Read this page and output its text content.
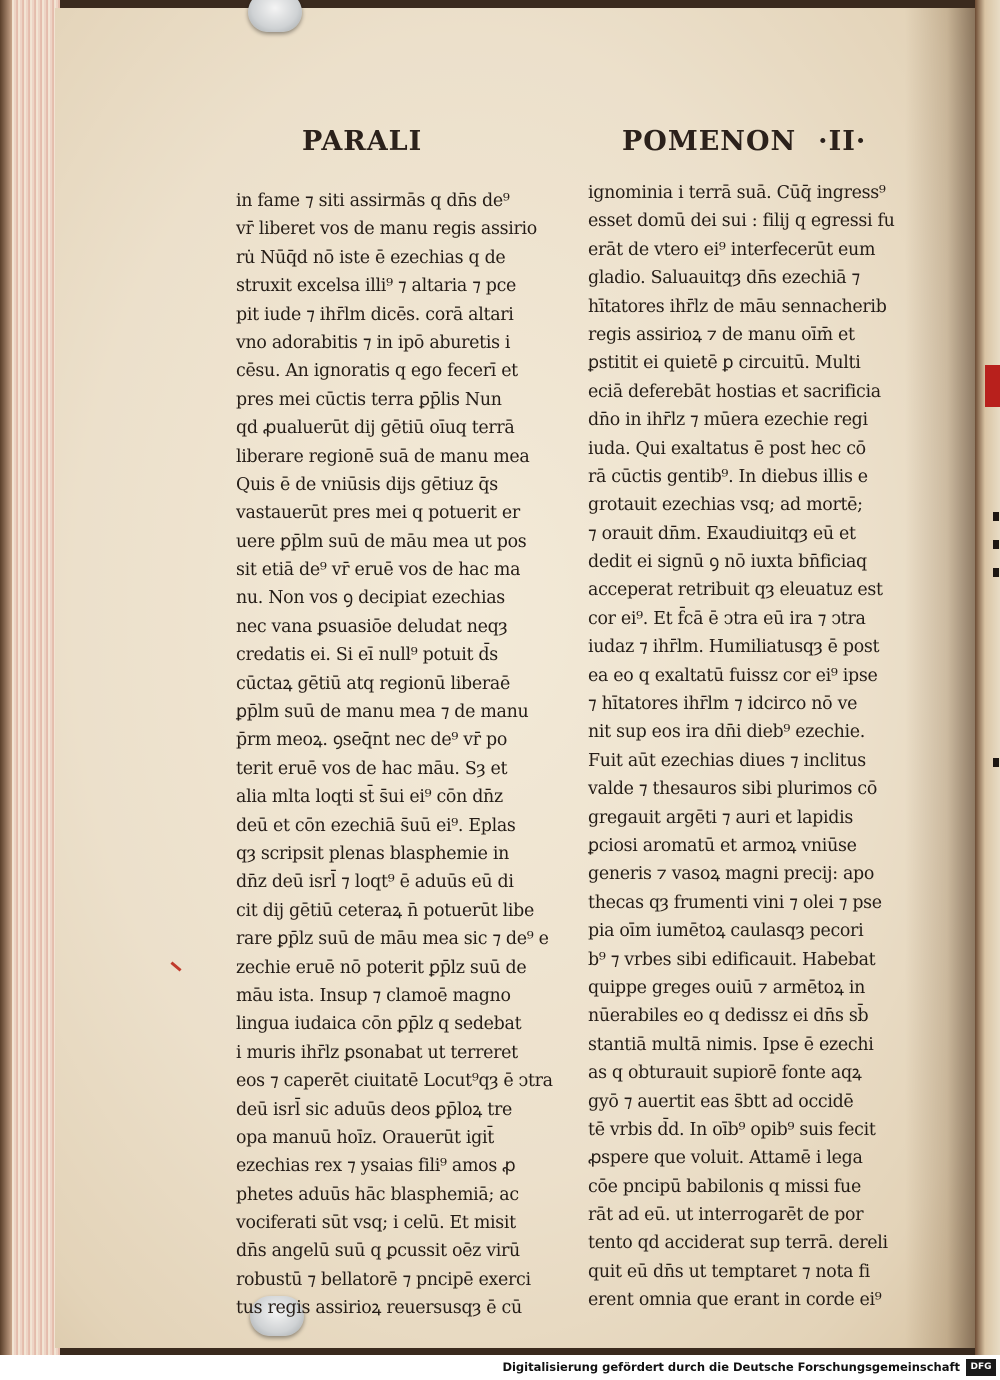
PARALI	POMENON ·II·
in fame ⁊ siti assirmās q dn̄s de⁹
vr̄ liberet vos de manu regis assirio
ru̇ Nūq̄d nō iste ē ezechias q de
struxit excelsa illi⁹ ⁊ altaria ⁊ pce
pit iude ⁊ ihr̄lm dicēs. corā altari
vno adorabitis ⁊ in ipō aburetis i
cēsu. An ignoratis q ego fecerī et
pres mei cūctis terra ꝑp̄lis Nun
qd ꝓualuerūt dij gētiū oīuq terrā
liberare regionē suā de manu mea
Quis ē de vniūsis dijs gētiuz q̄s
vastauerūt pres mei q potuerit er
uere ꝑp̄lm suū de māu mea ut pos
sit etiā de⁹ vr̄ eruē vos de hac ma
nu. Non vos ꝯ decipiat ezechias
nec vana ꝑsuasiōe deludat neqȝ
credatis ei. Si eī null⁹ potuit d̄s
cūctaꝝ gētiū atq regionū liberaē
ꝑp̄lm suū de manu mea ⁊ de manu
p̄rm meoꝝ. ꝯseq̄nt nec de⁹ vr̄ po
terit eruē vos de hac māu. Sȝ et
alia mlta loqti st̄ s̄ui ei⁹ cōn dn̄z
deū et cōn ezechiā s̄uū ei⁹. Eplas
qȝ scripsit plenas blasphemie in
dn̄z deū isrl̄ ⁊ loqt⁹ ē aduūs eū di
cit dij gētiū ceteraꝝ n̄ potuerūt libe
rare ꝑp̄lz suū de māu mea sic ⁊ de⁹ e
zechie eruē nō poterit ꝑp̄lz suū de
māu ista. Insup ⁊ clamoē magno
lingua iudaica cōn ꝑp̄lz q sedebat
i muris ihr̄lz ꝑsonabat ut terreret
eos ⁊ caperēt ciuitatē Locut⁹qȝ ē ↄtra
deū isrl̄ sic aduūs deos ꝑp̄loꝝ tre
opa manuū hoīz. Orauerūt igit̄
ezechias rex ⁊ ysaias fili⁹ amos ꝓ
phetes aduūs hāc blasphemiā; ac
vociferati sūt vsq; i celū. Et misit
dn̄s angelū suū q ꝑcussit oēz virū
robustū ⁊ bellatorē ⁊ pncipē exerci
tus regis assirioꝝ reuersusqȝ ē cū
ignominia i terrā suā. Cūq̄ ingress⁹
esset domū dei sui : filij q egressi fu
erāt de vtero ei⁹ interfecerūt eum
gladio. Saluauitqȝ dn̄s ezechiā ⁊
hītatores ihr̄lz de māu sennacherib
regis assirioꝝ ⁊ de manu oīm̄ et
ꝑstitit ei quietē ꝑ circuitū. Multi
eciā deferebāt hostias et sacrificia
dn̄o in ihr̄lz ⁊ mūera ezechie regi
iuda. Qui exaltatus ē post hec cō
rā cūctis gentib⁹. In diebus illis e
grotauit ezechias vsq; ad mortē;
⁊ orauit dn̄m. Exaudiuitqȝ eū et
dedit ei signū ꝯ nō iuxta bn̄ficiaq
acceperat retribuit qȝ eleuatuz est
cor ei⁹. Et f̄cā ē ↄtra eū ira ⁊ ↄtra
iudaz ⁊ ihr̄lm. Humiliatusqȝ ē post
ea eo q exaltatū fuissz cor ei⁹ ipse
⁊ hītatores ihr̄lm ⁊ idcirco nō ve
nit sup eos ira dn̄i dieb⁹ ezechie.
Fuit aūt ezechias diues ⁊ inclitus
valde ⁊ thesauros sibi plurimos cō
gregauit argēti ⁊ auri et lapidis
ꝑciosi aromatū et armoꝝ vniūse
generis ⁊ vasoꝝ magni precij: apo
thecas qȝ frumenti vini ⁊ olei ⁊ pse
pia oīm iumētoꝝ caulasqȝ pecori
b⁹ ⁊ vrbes sibi edificauit. Habebat
quippe greges ouiū ⁊ armētoꝝ in
nūerabiles eo q dedissz ei dn̄s sb̄
stantiā multā nimis. Ipse ē ezechi
as q obturauit supiorē fonte aqꝝ
gyō ⁊ auertit eas s̄btt ad occidē
tē vrbis d̄d. In oīb⁹ opib⁹ suis fecit
ꝓspere que voluit. Attamē i lega
cōe pncipū babilonis q missi fue
rāt ad eū. ut interrogarēt de por
tento qd acciderat sup terrā. dereli
quit eū dn̄s ut temptaret ⁊ nota fi
erent omnia que erant in corde ei⁹
Digitalisierung gefördert durch die Deutsche Forschungsgemeinschaft	DFG
